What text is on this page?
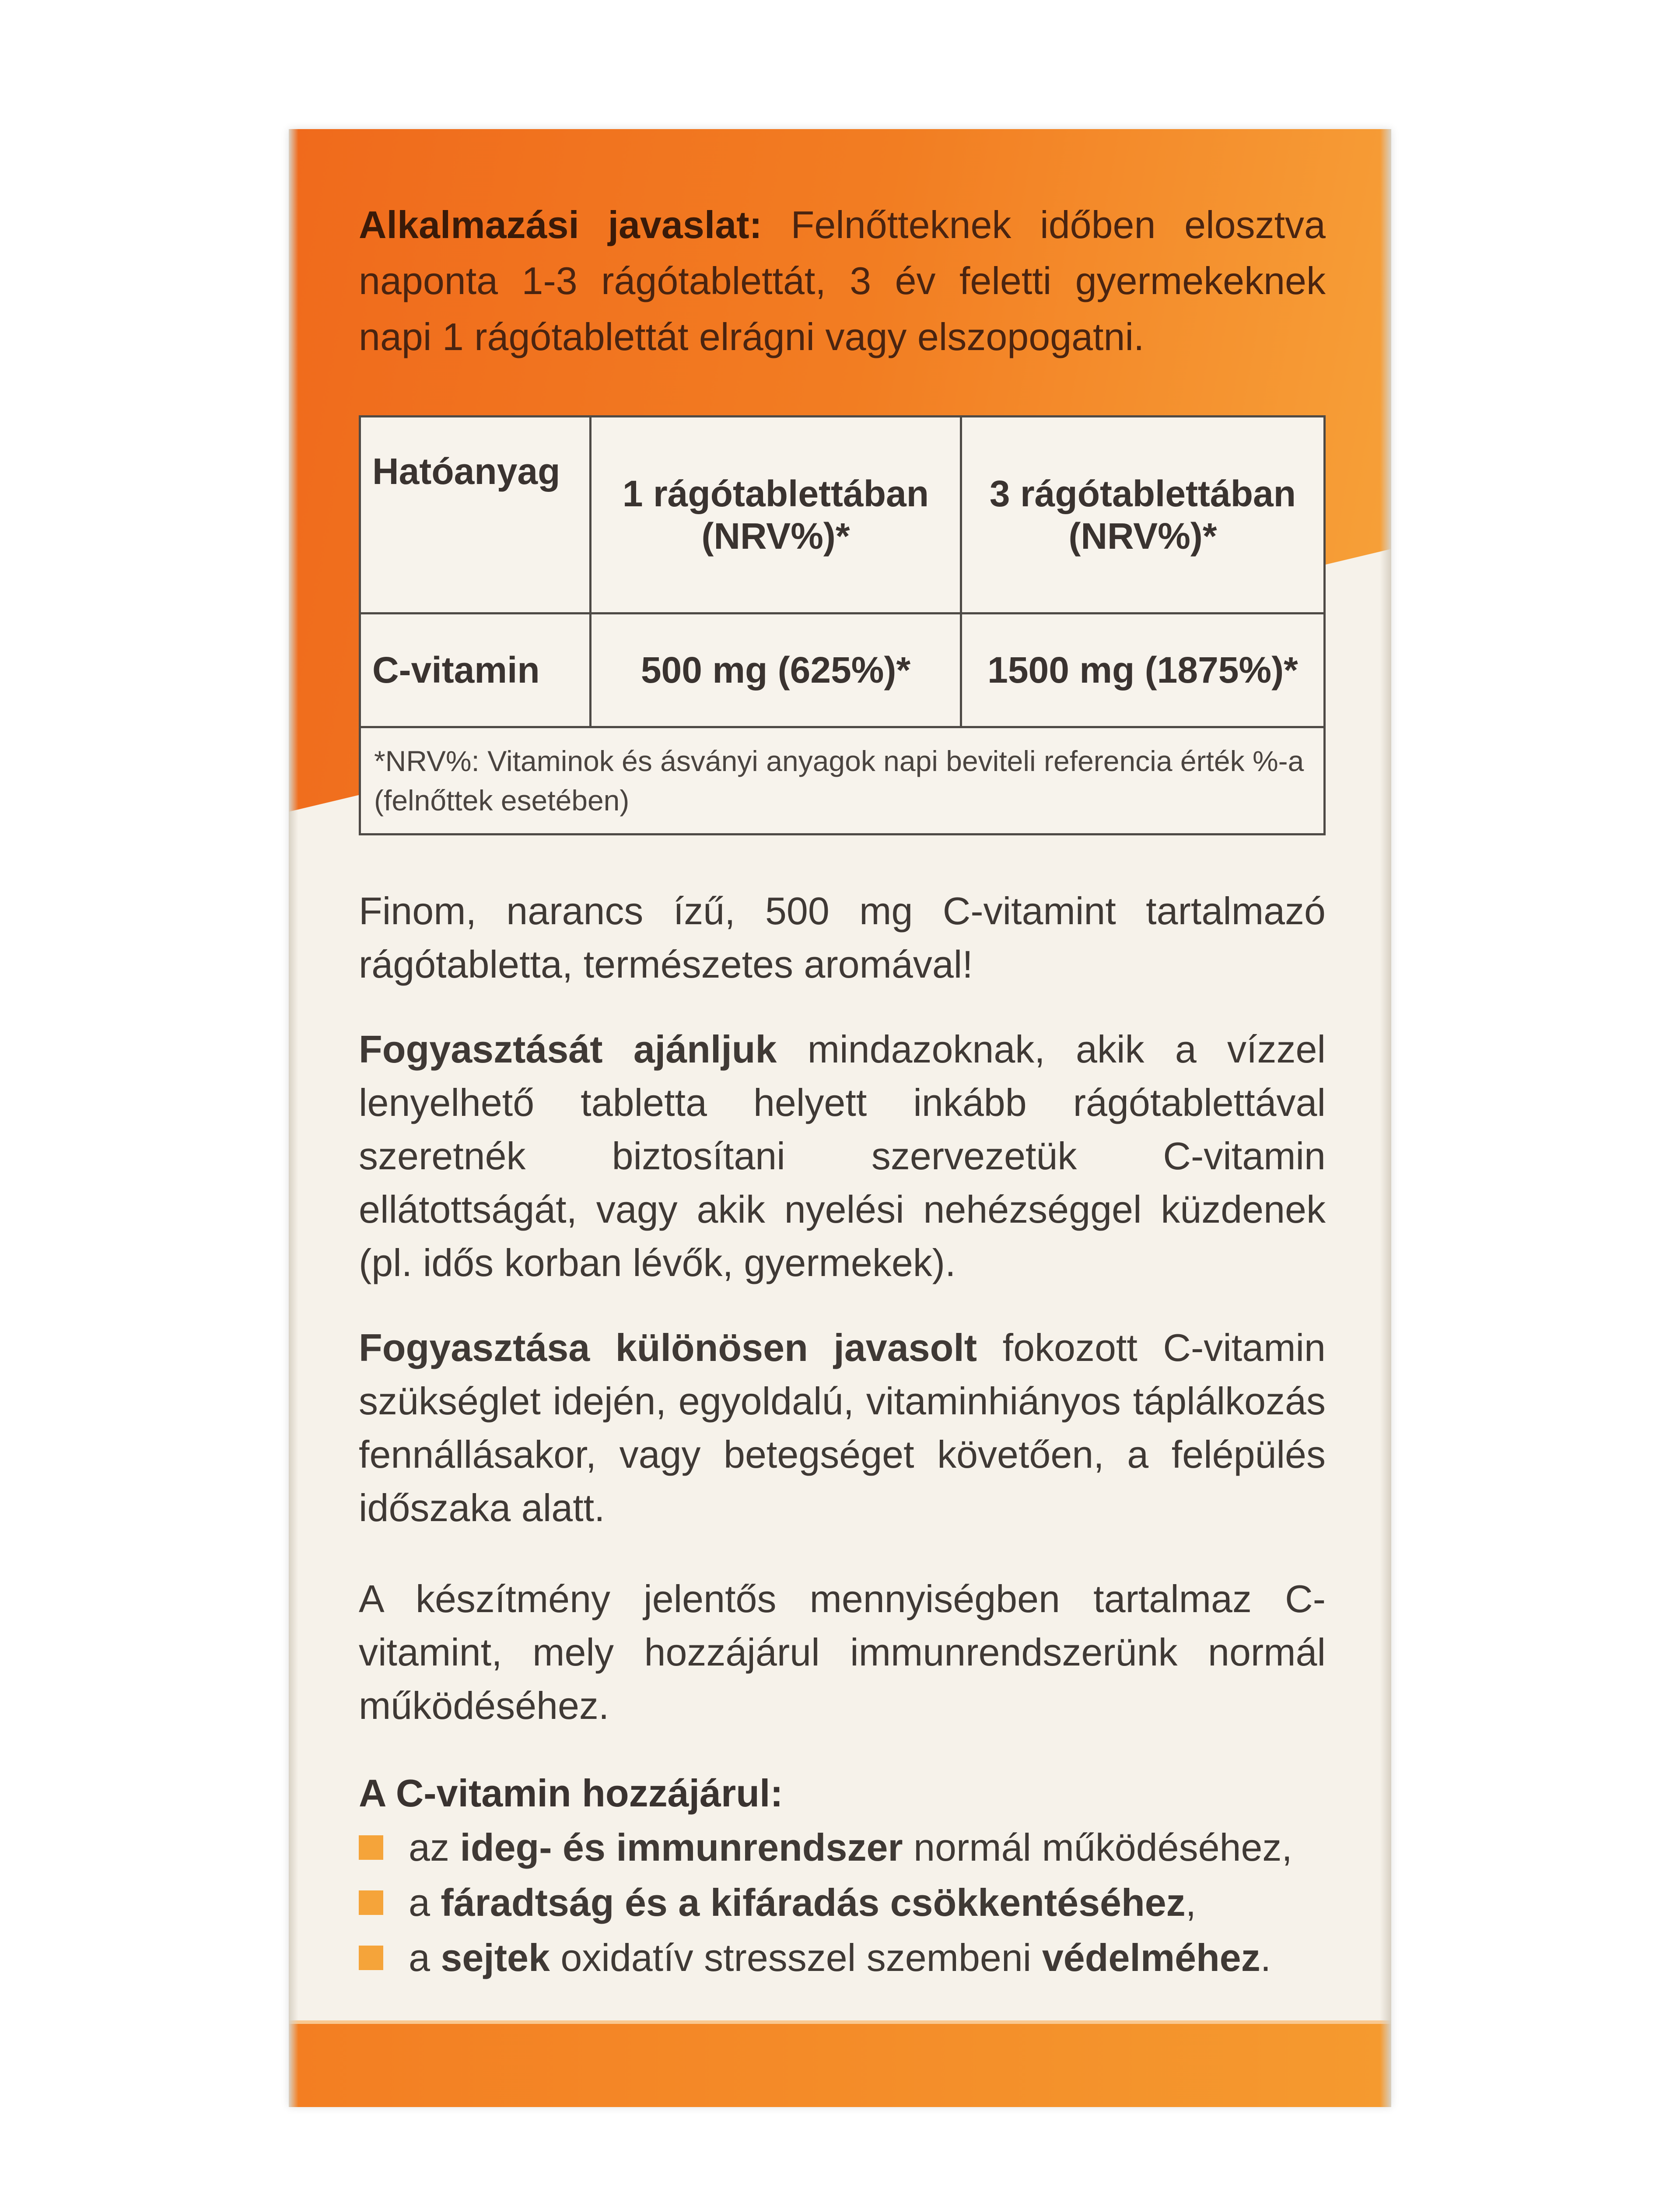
Alkalmazási javaslat: Felnőtteknek időben elosztva naponta 1-3 rágótablettát, 3 év feletti gyermekeknek napi 1 rágótablettát elrágni vagy elszopogatni.

Hatóanyag	1 rágótablettában (NRV%)*	3 rágótablettában (NRV%)*
C-vitamin	500 mg (625%)*	1500 mg (1875%)*
*NRV%: Vitaminok és ásványi anyagok napi beviteli referencia érték %-a (felnőttek esetében)		

Finom, narancs ízű, 500 mg C-vitamint tartalmazó rágótabletta, természetes aromával!

Fogyasztását ajánljuk mindazoknak, akik a vízzel lenyelhető tabletta helyett inkább rágótablettával szeretnék biztosítani szervezetük C-vitamin ellátottságát, vagy akik nyelési nehézséggel küzdenek (pl. idős korban lévők, gyermekek).

Fogyasztása különösen javasolt fokozott C-vitamin szükséglet idején, egyoldalú, vitaminhiányos táplálkozás fennállásakor, vagy betegséget követően, a felépülés időszaka alatt.

A készítmény jelentős mennyiségben tartalmaz C-vitamint, mely hozzájárul immunrendszerünk normál működéséhez.

A C-vitamin hozzájárul:
az ideg- és immunrendszer normál működéséhez,
a fáradtság és a kifáradás csökkentéséhez,
a sejtek oxidatív stresszel szembeni védelméhez.
